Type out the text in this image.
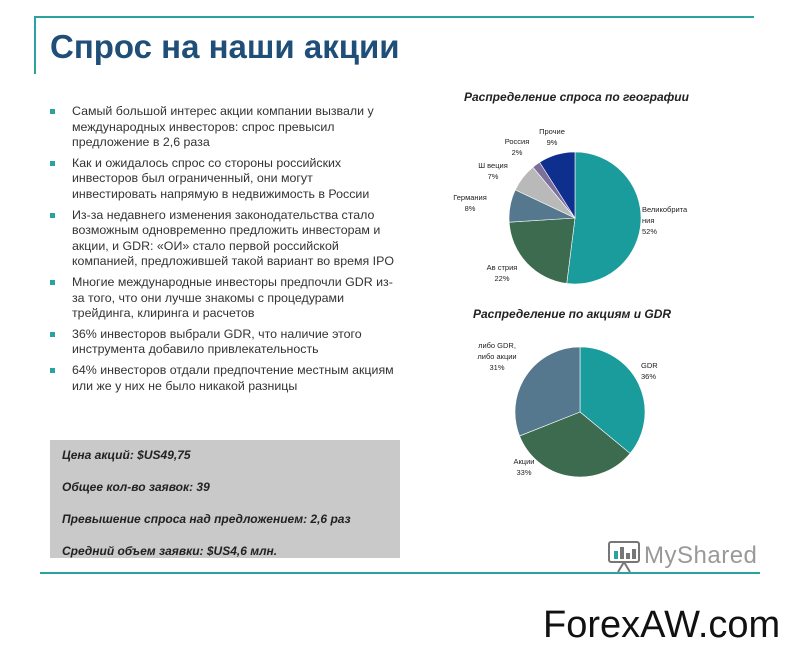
Спрос на наши акции
Самый большой интерес акции компании вызвали у международных инвесторов: спрос превысил предложение в 2,6 раза
Как и ожидалось спрос со стороны российских инвесторов был ограниченный, они могут инвестировать напрямую в недвижимость в России
Из-за недавнего изменения законодательства стало возможным одновременно предложить инвесторам и акции, и GDR: «ОИ» стало первой российской компанией, предложившей такой вариант во время IPO
Многие международные инвесторы предпочли GDR из-за того, что они лучше знакомы с процедурами трейдинга, клиринга и расчетов
36% инвесторов выбрали GDR, что наличие этого инструмента добавило привлекательность
64% инвесторов отдали предпочтение местным акциям или же у них не было никакой разницы
Цена акций: $US49,75
Общее кол-во заявок: 39
Превышение спроса над предложением: 2,6 раз
Средний объем заявки: $US4,6 млн.
Распределение спроса по географии
Великобрита ния 52%
Ав стрия 22%
Германия 8%
Ш веция 7%
Россия 2%
Прочие 9%
Распределение по акциям и GDR
GDR 36%
Акции 33%
либо GDR, либо акции 31%
MyShared
ForexAW.com
